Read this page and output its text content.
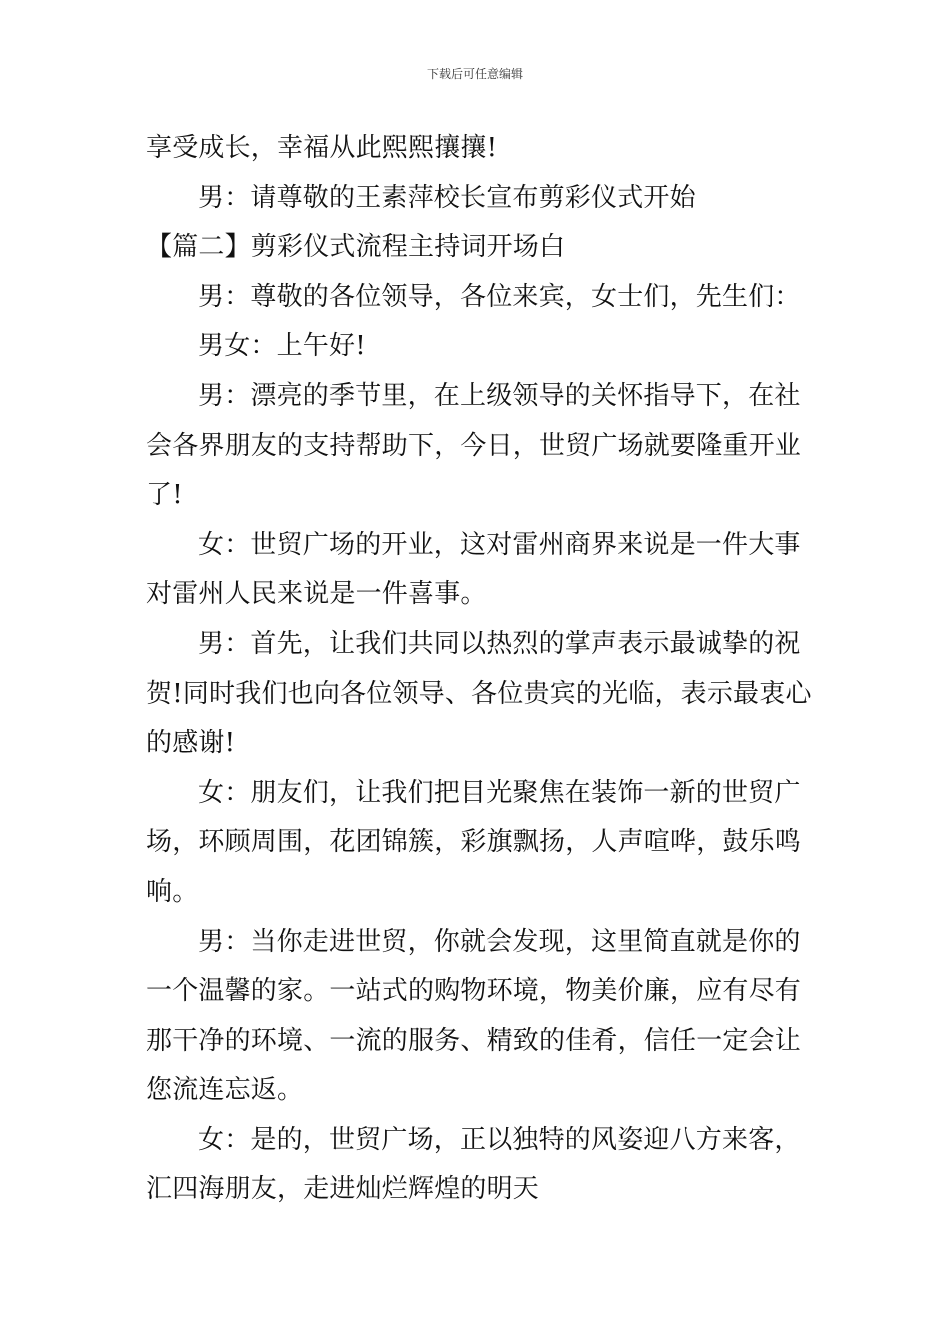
下载后可任意编辑
享受成长，幸福从此熙熙攘攘!
男：请尊敬的王素萍校长宣布剪彩仪式开始
【篇二】剪彩仪式流程主持词开场白
男：尊敬的各位领导，各位来宾，女士们，先生们：
男女：上午好!
男：漂亮的季节里，在上级领导的关怀指导下，在社
会各界朋友的支持帮助下，今日，世贸广场就要隆重开业
了!
女：世贸广场的开业，这对雷州商界来说是一件大事
对雷州人民来说是一件喜事。
男：首先，让我们共同以热烈的掌声表示最诚挚的祝
贺!同时我们也向各位领导、各位贵宾的光临，表示最衷心
的感谢!
女：朋友们，让我们把目光聚焦在装饰一新的世贸广
场，环顾周围，花团锦簇，彩旗飘扬，人声喧哗，鼓乐鸣
响。
男：当你走进世贸，你就会发现，这里简直就是你的
一个温馨的家。一站式的购物环境，物美价廉，应有尽有
那干净的环境、一流的服务、精致的佳肴，信任一定会让
您流连忘返。
女：是的，世贸广场，正以独特的风姿迎八方来客，
汇四海朋友，走进灿烂辉煌的明天
